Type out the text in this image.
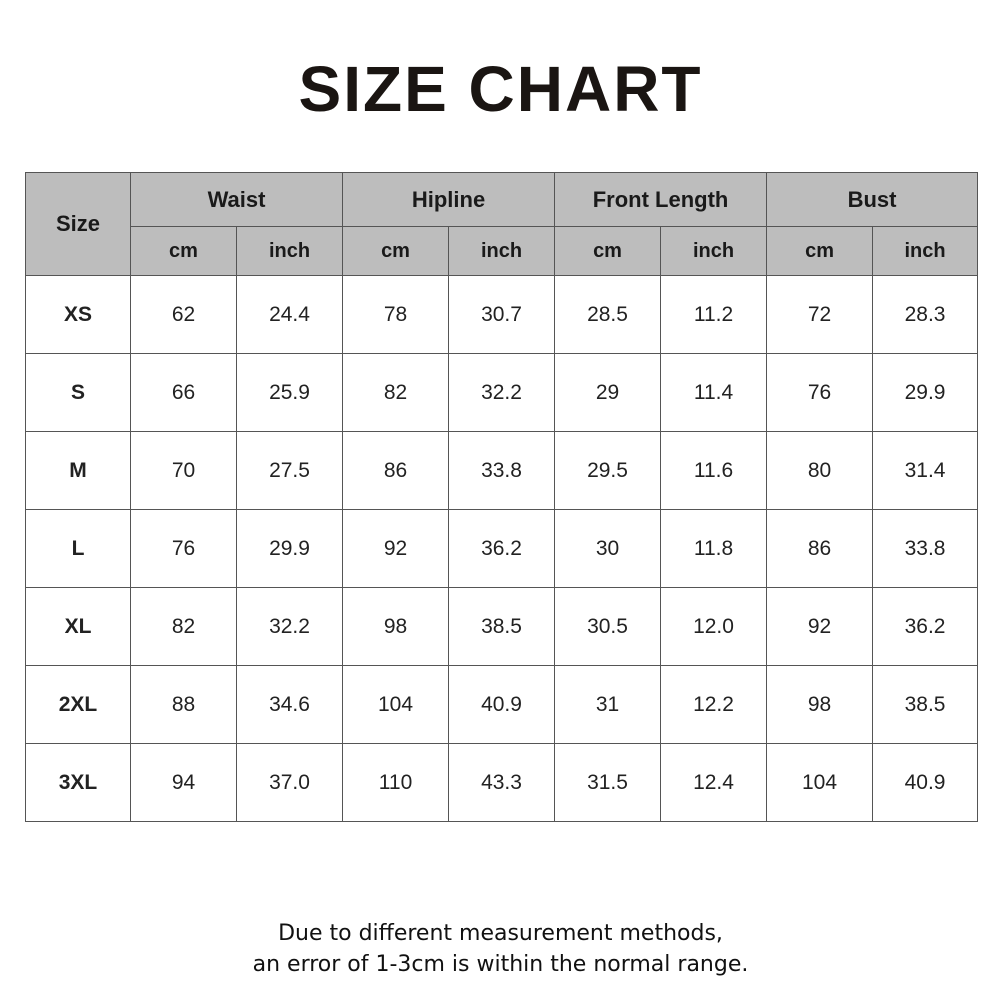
SIZE CHART
Size	Waist		Hipline		Front Length		Bust	
	cm	inch	cm	inch	cm	inch	cm	inch
XS	62	24.4	78	30.7	28.5	11.2	72	28.3
S	66	25.9	82	32.2	29	11.4	76	29.9
M	70	27.5	86	33.8	29.5	11.6	80	31.4
L	76	29.9	92	36.2	30	11.8	86	33.8
XL	82	32.2	98	38.5	30.5	12.0	92	36.2
2XL	88	34.6	104	40.9	31	12.2	98	38.5
3XL	94	37.0	110	43.3	31.5	12.4	104	40.9
Due to different measurement methods,
an error of 1-3cm is within the normal range.
